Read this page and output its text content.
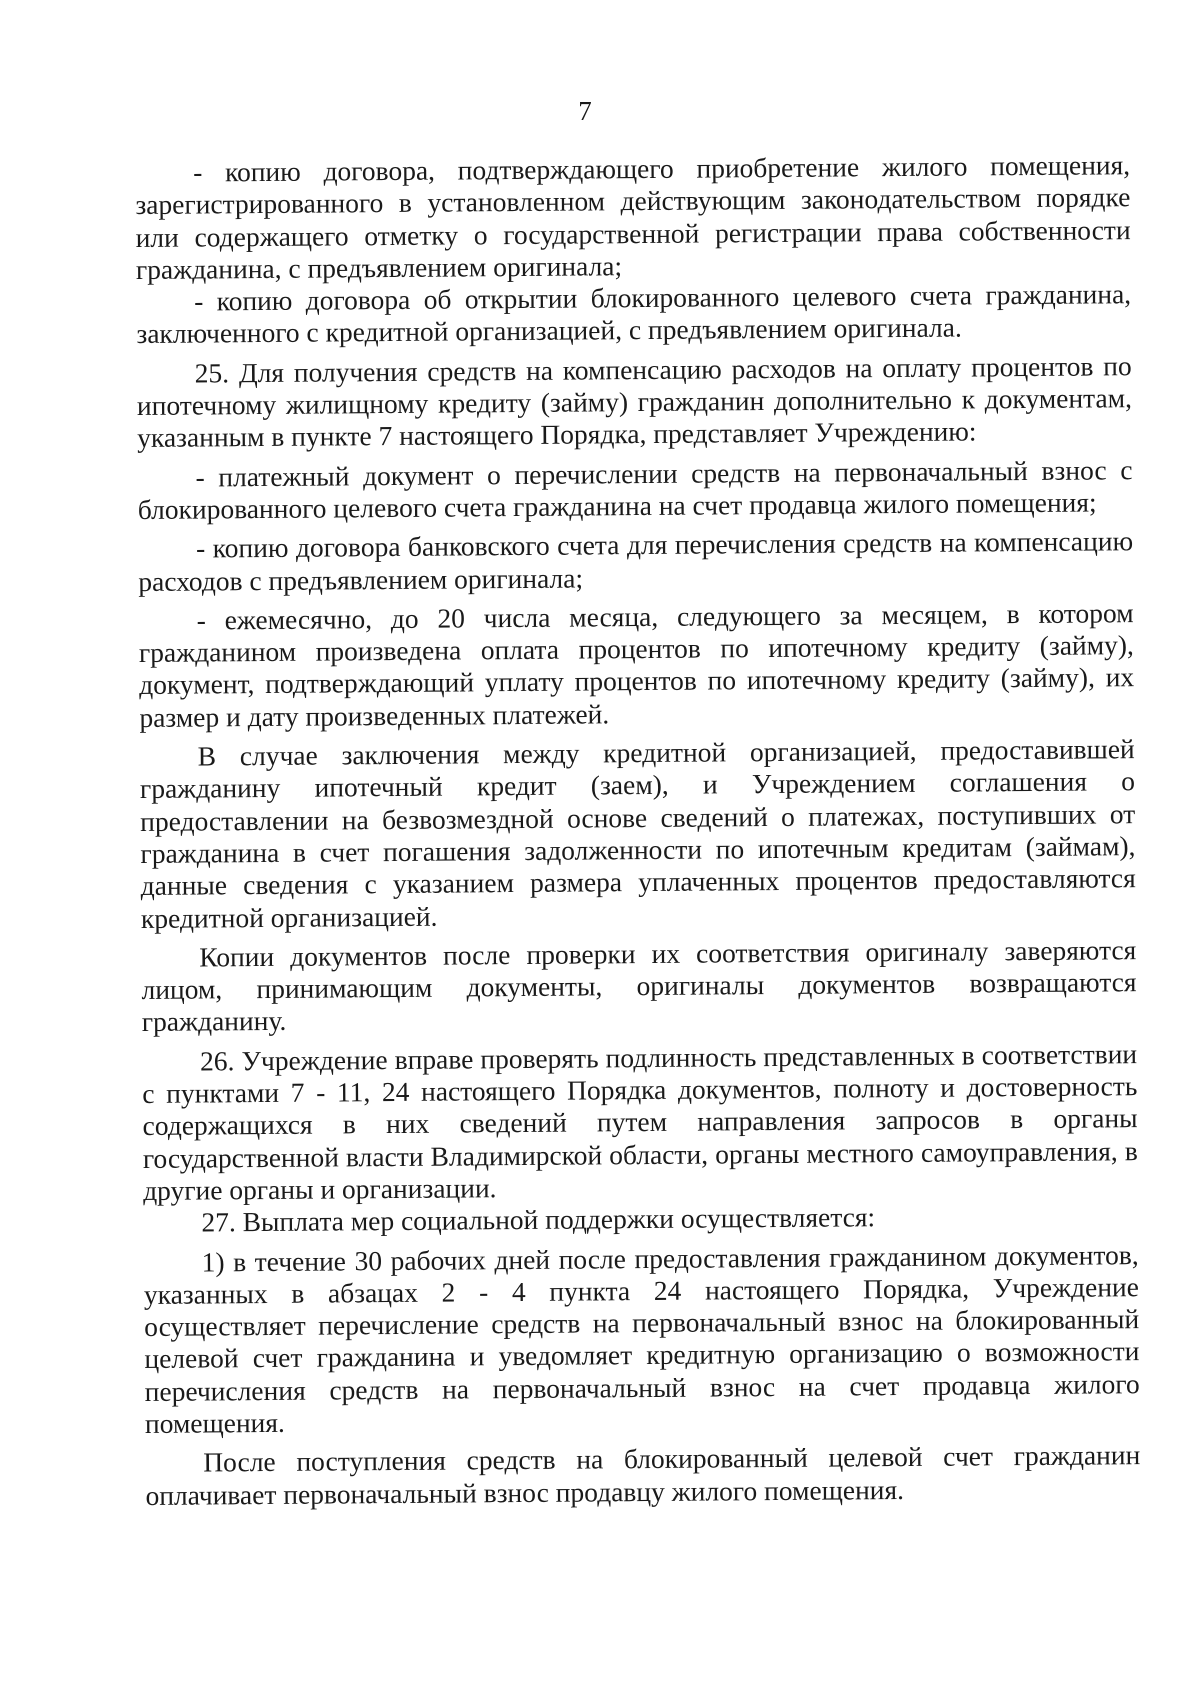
7

- копию договора, подтверждающего приобретение жилого помещения, зарегистрированного в установленном действующим законодательством порядке или содержащего отметку о государственной регистрации права собственности гражданина, с предъявлением оригинала;

- копию договора об открытии блокированного целевого счета гражданина, заключенного с кредитной организацией, с предъявлением оригинала.

25. Для получения средств на компенсацию расходов на оплату процентов по ипотечному жилищному кредиту (займу) гражданин дополнительно к документам, указанным в пункте 7 настоящего Порядка, представляет Учреждению:

- платежный документ о перечислении средств на первоначальный взнос с блокированного целевого счета гражданина на счет продавца жилого помещения;

- копию договора банковского счета для перечисления средств на компенсацию расходов с предъявлением оригинала;

- ежемесячно, до 20 числа месяца, следующего за месяцем, в котором гражданином произведена оплата процентов по ипотечному кредиту (займу), документ, подтверждающий уплату процентов по ипотечному кредиту (займу), их размер и дату произведенных платежей.

В случае заключения между кредитной организацией, предоставившей гражданину ипотечный кредит (заем), и Учреждением соглашения о предоставлении на безвозмездной основе сведений о платежах, поступивших от гражданина в счет погашения задолженности по ипотечным кредитам (займам), данные сведения с указанием размера уплаченных процентов предоставляются кредитной организацией.

Копии документов после проверки их соответствия оригиналу заверяются лицом, принимающим документы, оригиналы документов возвращаются гражданину.

26. Учреждение вправе проверять подлинность представленных в соответствии с пунктами 7 - 11, 24 настоящего Порядка документов, полноту и достоверность содержащихся в них сведений путем направления запросов в органы государственной власти Владимирской области, органы местного самоуправления, в другие органы и организации.

27. Выплата мер социальной поддержки осуществляется:

1) в течение 30 рабочих дней после предоставления гражданином документов, указанных в абзацах 2 - 4 пункта 24 настоящего Порядка, Учреждение осуществляет перечисление средств на первоначальный взнос на блокированный целевой счет гражданина и уведомляет кредитную организацию о возможности перечисления средств на первоначальный взнос на счет продавца жилого помещения.

После поступления средств на блокированный целевой счет гражданин оплачивает первоначальный взнос продавцу жилого помещения.
